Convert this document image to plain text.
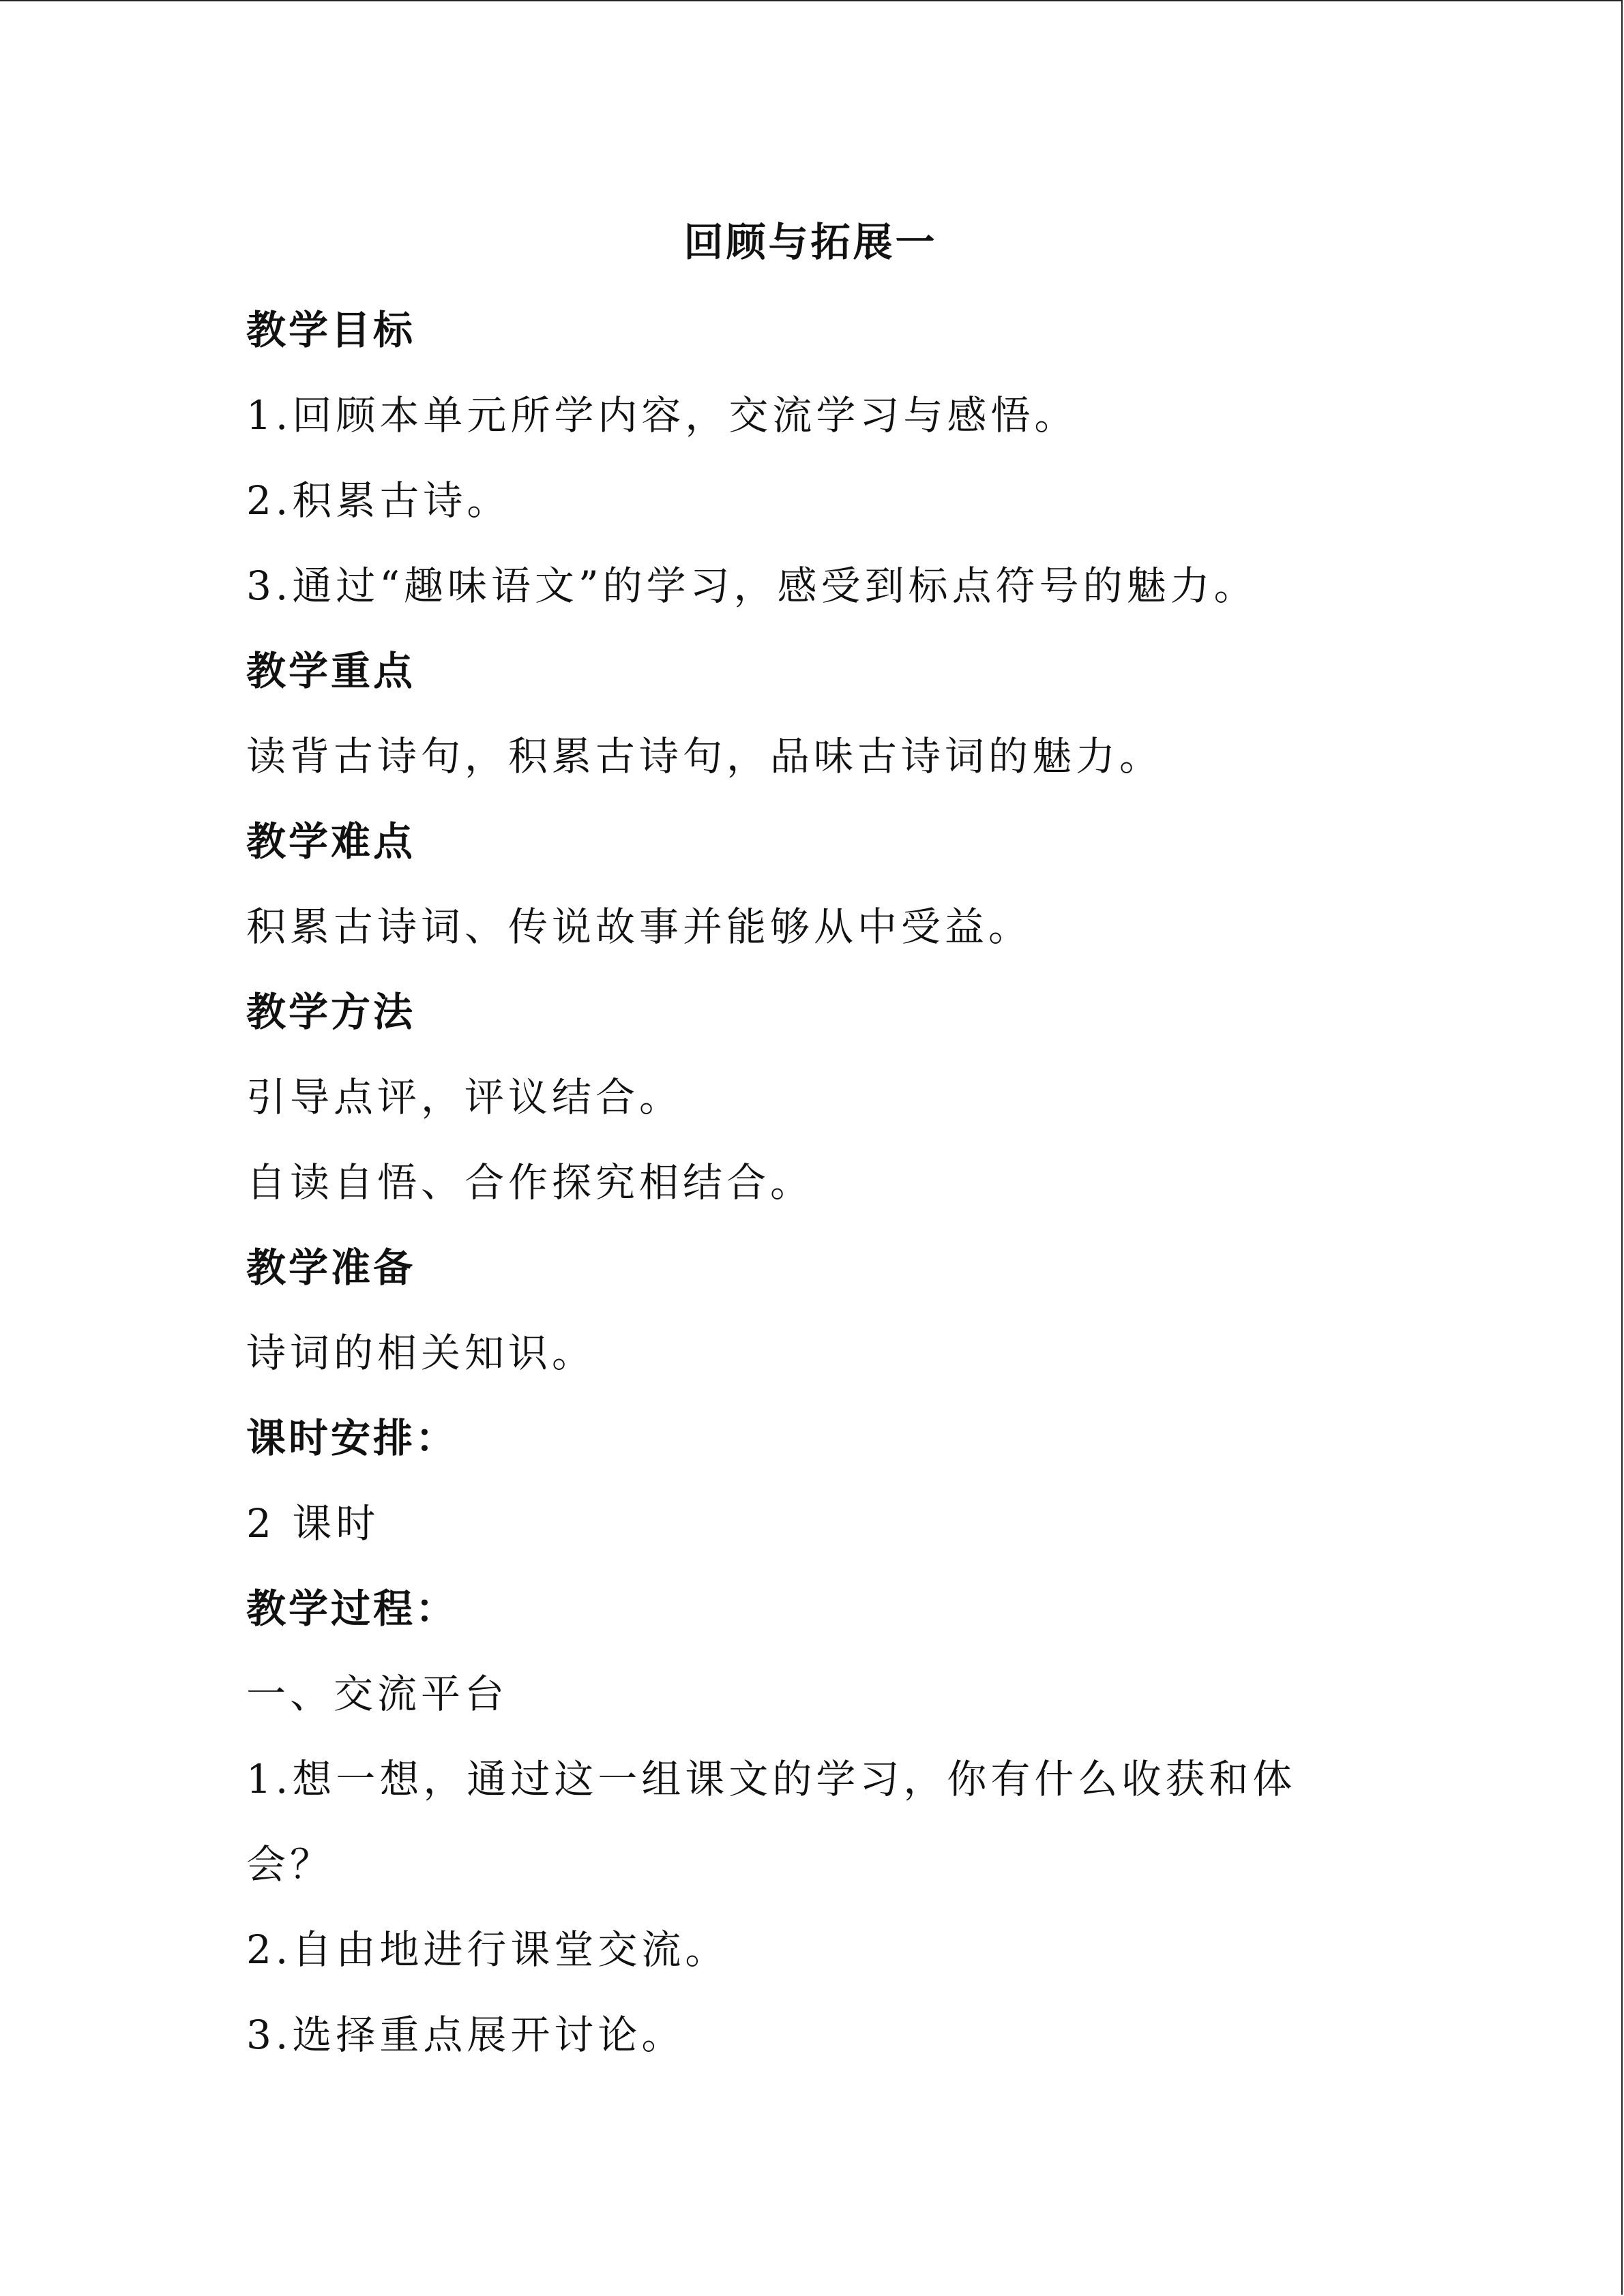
回顾与拓展一
教学目标
1.回顾本单元所学内容，交流学习与感悟。
2.积累古诗。
3.通过“趣味语文”的学习，感受到标点符号的魅力。
教学重点
读背古诗句，积累古诗句，品味古诗词的魅力。
教学难点
积累古诗词、传说故事并能够从中受益。
教学方法
引导点评，评议结合。
自读自悟、合作探究相结合。
教学准备
诗词的相关知识。
课时安排：
2 课时
教学过程：
一、交流平台
1.想一想，通过这一组课文的学习，你有什么收获和体
会？
2.自由地进行课堂交流。
3.选择重点展开讨论。
